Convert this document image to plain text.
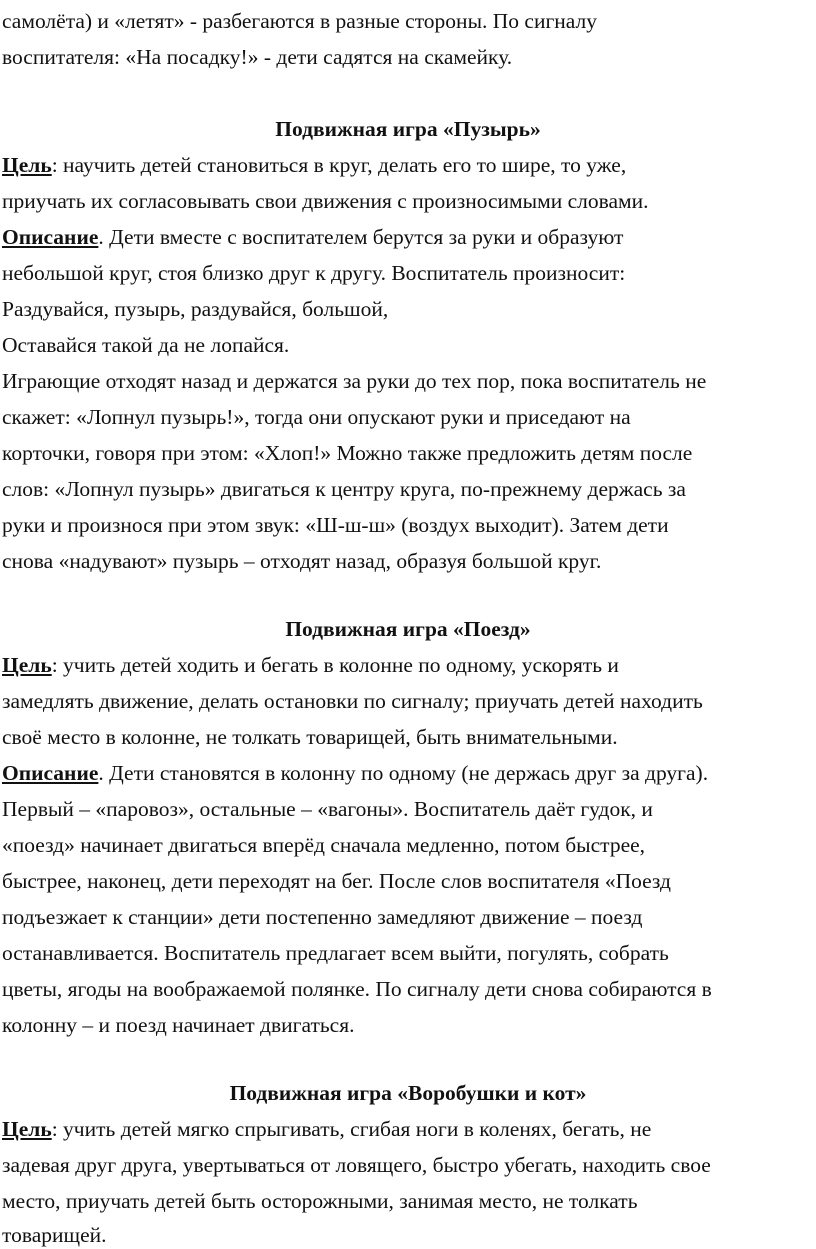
самолёта) и «летят» - разбегаются в разные стороны. По сигналу
воспитателя: «На посадку!» - дети садятся на скамейку.
Подвижная игра «Пузырь»
Цель: научить детей становиться в круг, делать его то шире, то уже,
приучать их согласовывать свои движения с произносимыми словами.
Описание. Дети вместе с воспитателем берутся за руки и образуют
небольшой круг, стоя близко друг к другу. Воспитатель произносит:
Раздувайся, пузырь, раздувайся, большой,
Оставайся такой да не лопайся.
Играющие отходят назад и держатся за руки до тех пор, пока воспитатель не
скажет: «Лопнул пузырь!», тогда они опускают руки и приседают на
корточки, говоря при этом: «Хлоп!» Можно также предложить детям после
слов: «Лопнул пузырь» двигаться к центру круга, по-прежнему держась за
руки и произнося при этом звук: «Ш-ш-ш» (воздух выходит). Затем дети
снова «надувают» пузырь – отходят назад, образуя большой круг.
Подвижная игра «Поезд»
Цель: учить детей ходить и бегать в колонне по одному, ускорять и
замедлять движение, делать остановки по сигналу; приучать детей находить
своё место в колонне, не толкать товарищей, быть внимательными.
Описание. Дети становятся в колонну по одному (не держась друг за друга).
Первый – «паровоз», остальные – «вагоны». Воспитатель даёт гудок, и
«поезд» начинает двигаться вперёд сначала медленно, потом быстрее,
быстрее, наконец, дети переходят на бег. После слов воспитателя «Поезд
подъезжает к станции» дети постепенно замедляют движение – поезд
останавливается. Воспитатель предлагает всем выйти, погулять, собрать
цветы, ягоды на воображаемой полянке. По сигналу дети снова собираются в
колонну – и поезд начинает двигаться.
Подвижная игра «Воробушки и кот»
Цель: учить детей мягко спрыгивать, сгибая ноги в коленях, бегать, не
задевая друг друга, увертываться от ловящего, быстро убегать, находить свое
место, приучать детей быть осторожными, занимая место, не толкать
товарищей.
